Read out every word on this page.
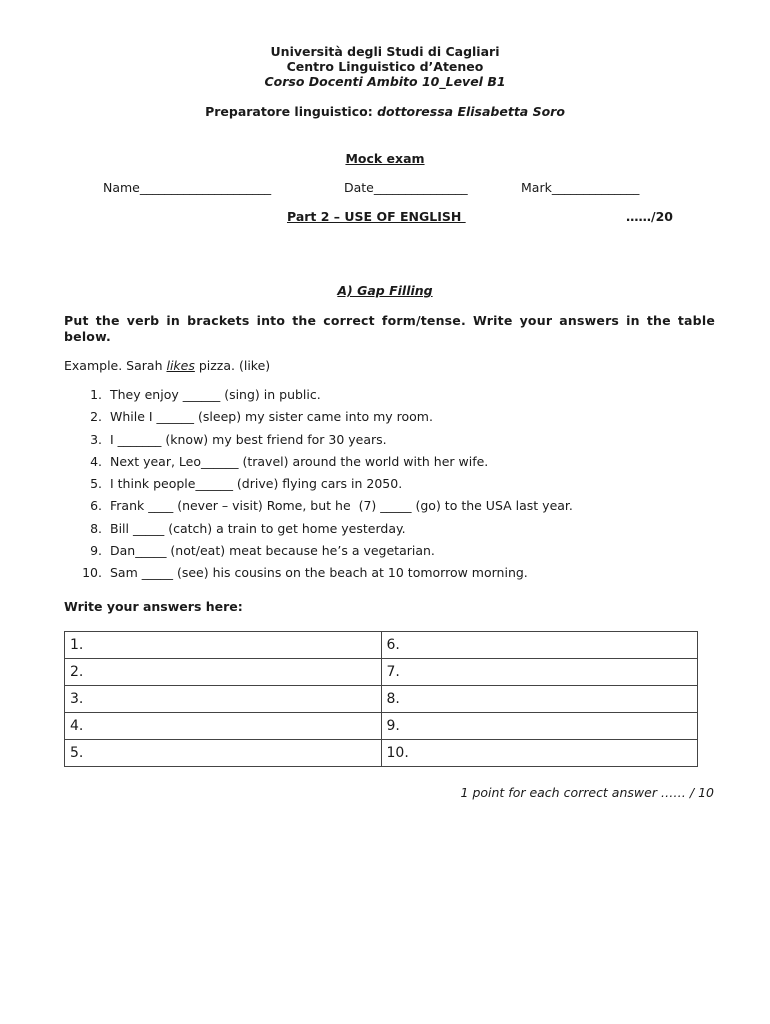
Università degli Studi di Cagliari
Centro Linguistico d’Ateneo
Corso Docenti Ambito 10_Level B1
Preparatore linguistico: dottoressa Elisabetta Soro
Mock exam
Name_____________________	Date_______________	Mark______________
Part 2 – USE OF ENGLISH	……/20
A) Gap Filling
Put the verb in brackets into the correct form/tense. Write your answers in the table
below.
Example. Sarah likes pizza. (like)
1. They enjoy ______ (sing) in public.
2. While I ______ (sleep) my sister came into my room.
3. I _______ (know) my best friend for 30 years.
4. Next year, Leo______ (travel) around the world with her wife.
5. I think people______ (drive) flying cars in 2050.
6. Frank ____ (never – visit) Rome, but he  (7) _____ (go) to the USA last year.
8. Bill _____ (catch) a train to get home yesterday.
9. Dan_____ (not/eat) meat because he’s a vegetarian.
10. Sam _____ (see) his cousins on the beach at 10 tomorrow morning.
Write your answers here:
1.	6.
2.	7.
3.	8.
4.	9.
5.	10.
1 point for each correct answer …… / 10
